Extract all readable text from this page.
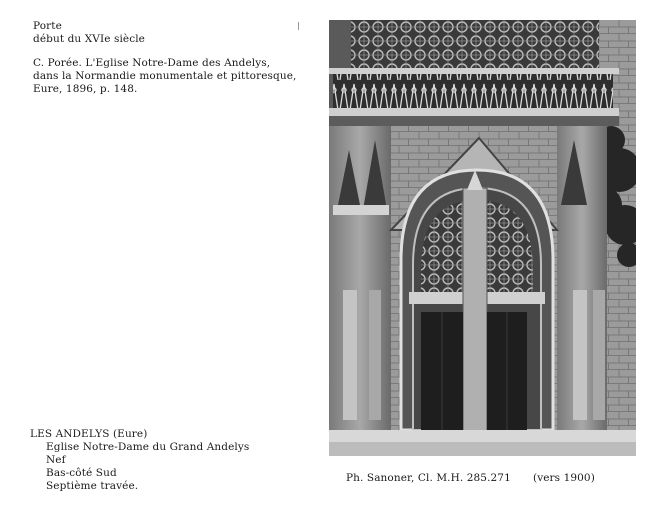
Porte
début du XVIe siècle
C. Porée. L'Eglise Notre-Dame des Andelys,
dans la Normandie monumentale et pittoresque,
Eure, 1896, p. 148.
LES ANDELYS (Eure)
Eglise Notre-Dame du Grand Andelys
Nef
Bas-côté Sud
Septième travée.
Ph. Sanoner, Cl. M.H. 285.271 (vers 1900)
